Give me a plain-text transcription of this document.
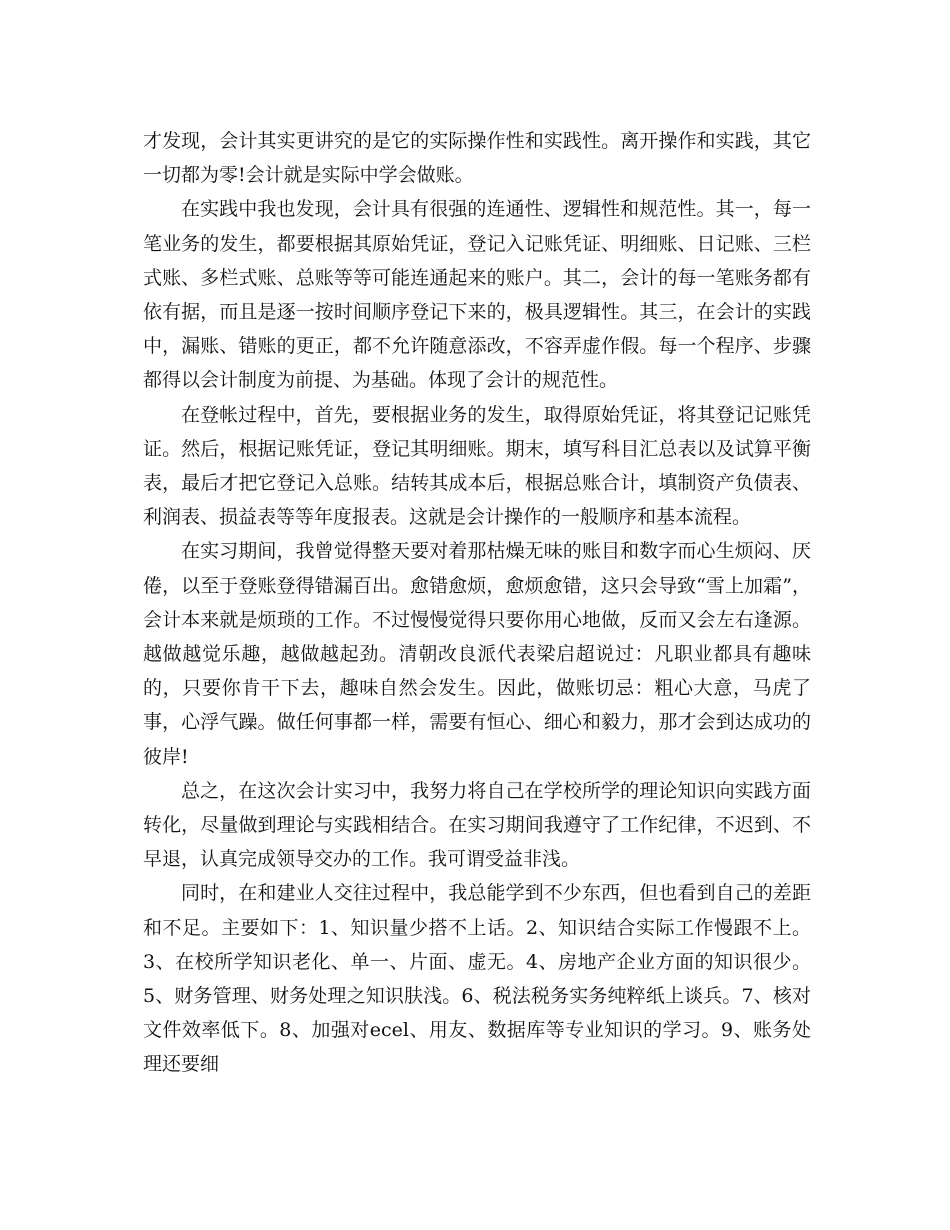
才发现，会计其实更讲究的是它的实际操作性和实践性。离开操作和实践，其它一切都为零!会计就是实际中学会做账。

在实践中我也发现，会计具有很强的连通性、逻辑性和规范性。其一，每一笔业务的发生，都要根据其原始凭证，登记入记账凭证、明细账、日记账、三栏式账、多栏式账、总账等等可能连通起来的账户。其二，会计的每一笔账务都有依有据，而且是逐一按时间顺序登记下来的，极具逻辑性。其三，在会计的实践中，漏账、错账的更正，都不允许随意添改，不容弄虚作假。每一个程序、步骤都得以会计制度为前提、为基础。体现了会计的规范性。

在登帐过程中，首先，要根据业务的发生，取得原始凭证，将其登记记账凭证。然后，根据记账凭证，登记其明细账。期末，填写科目汇总表以及试算平衡表，最后才把它登记入总账。结转其成本后，根据总账合计，填制资产负债表、利润表、损益表等等年度报表。这就是会计操作的一般顺序和基本流程。

在实习期间，我曾觉得整天要对着那枯燥无味的账目和数字而心生烦闷、厌倦，以至于登账登得错漏百出。愈错愈烦，愈烦愈错，这只会导致“雪上加霜”，会计本来就是烦琐的工作。不过慢慢觉得只要你用心地做，反而又会左右逢源。越做越觉乐趣，越做越起劲。清朝改良派代表梁启超说过：凡职业都具有趣味的，只要你肯干下去，趣味自然会发生。因此，做账切忌：粗心大意，马虎了事，心浮气躁。做任何事都一样，需要有恒心、细心和毅力，那才会到达成功的彼岸!

总之，在这次会计实习中，我努力将自己在学校所学的理论知识向实践方面转化，尽量做到理论与实践相结合。在实习期间我遵守了工作纪律，不迟到、不早退，认真完成领导交办的工作。我可谓受益非浅。

同时，在和建业人交往过程中，我总能学到不少东西，但也看到自己的差距和不足。主要如下：1、知识量少搭不上话。2、知识结合实际工作慢跟不上。3、在校所学知识老化、单一、片面、虚无。4、房地产企业方面的知识很少。5、财务管理、财务处理之知识肤浅。6、税法税务实务纯粹纸上谈兵。7、核对文件效率低下。8、加强对ecel、用友、数据库等专业知识的学习。9、账务处理还要细
